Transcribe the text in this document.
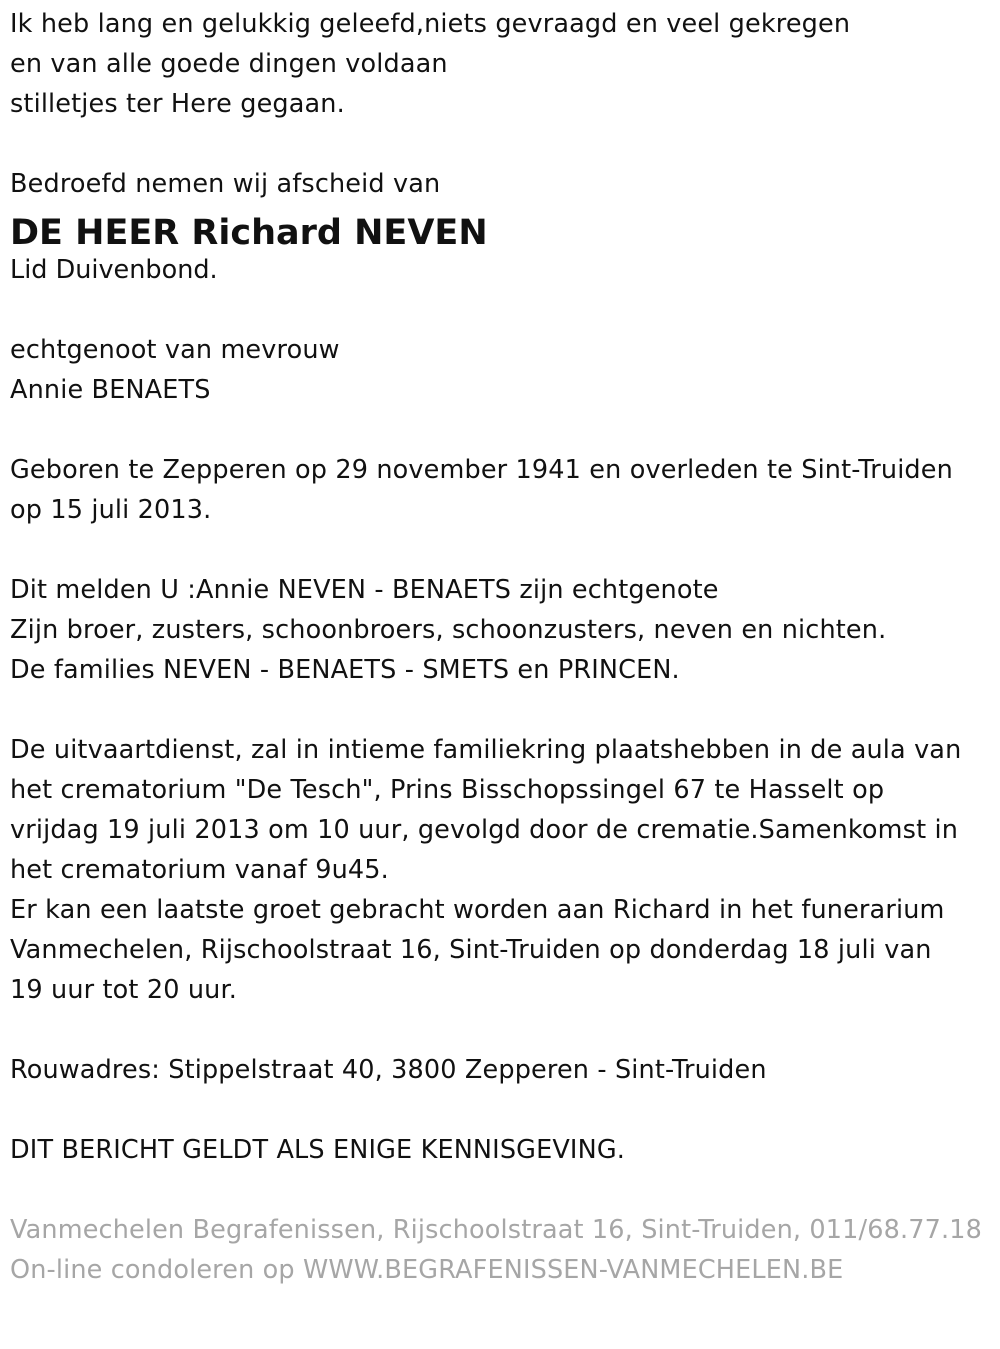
Ik heb lang en gelukkig geleefd,niets gevraagd en veel gekregen
en van alle goede dingen voldaan
stilletjes ter Here gegaan.
Bedroefd nemen wij afscheid van
DE HEER Richard NEVEN
Lid Duivenbond.
echtgenoot van mevrouw
Annie BENAETS
Geboren te Zepperen op 29 november 1941 en overleden te Sint-Truiden
op 15 juli 2013.
Dit melden U :Annie NEVEN - BENAETS zijn echtgenote
Zijn broer, zusters, schoonbroers, schoonzusters, neven en nichten.
De families NEVEN - BENAETS - SMETS en PRINCEN.
De uitvaartdienst, zal in intieme familiekring plaatshebben in de aula van
het crematorium "De Tesch", Prins Bisschopssingel 67 te Hasselt op
vrijdag 19 juli 2013 om 10 uur, gevolgd door de crematie.Samenkomst in
het crematorium vanaf 9u45.
Er kan een laatste groet gebracht worden aan Richard in het funerarium
Vanmechelen, Rijschoolstraat 16, Sint-Truiden op donderdag 18 juli van
19 uur tot 20 uur.
Rouwadres: Stippelstraat 40, 3800 Zepperen - Sint-Truiden
DIT BERICHT GELDT ALS ENIGE KENNISGEVING.
Vanmechelen Begrafenissen, Rijschoolstraat 16, Sint-Truiden, 011/68.77.18
On-line condoleren op WWW.BEGRAFENISSEN-VANMECHELEN.BE
